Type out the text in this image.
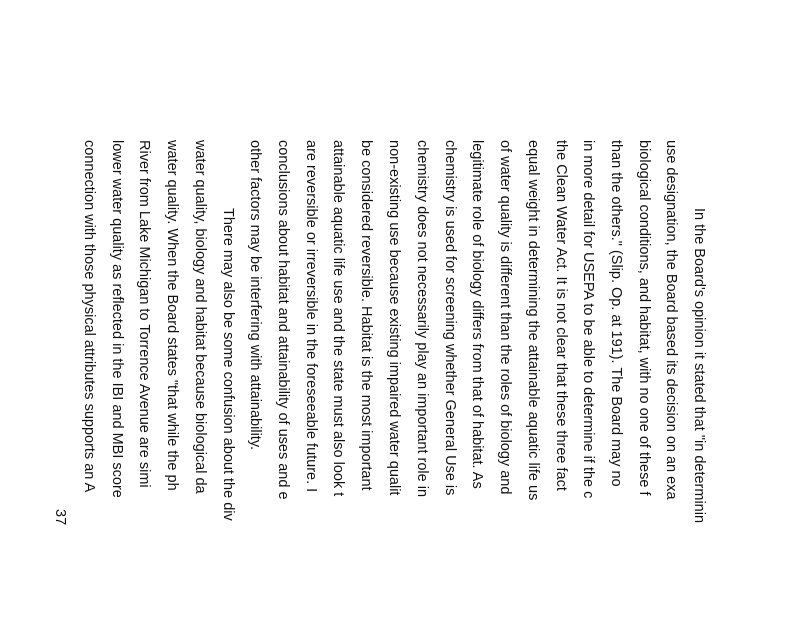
In the Board's opinion it stated that "in determinin
use designation, the Board based its decision on an exa
biological conditions, and habitat, with no one of these f
than the others." (Slip. Op. at 191). The Board may no
in more detail for USEPA to be able to determine if the c
the Clean Water Act. It is not clear that these three fact
equal weight in determining the attainable aquatic life us
of water quality is different than the roles of biology and
legitimate role of biology differs from that of habitat. As
chemistry is used for screening whether General Use is
chemistry does not necessarily play an important role in
non-existing use because existing impaired water qualit
be considered reversible. Habitat is the most important
attainable aquatic life use and the state must also look t
are reversible or irreversible in the foreseeable future. I
conclusions about habitat and attainability of uses and e
other factors may be interfering with attainability.
There may also be some confusion about the div
water quality, biology and habitat because biological da
water quality. When the Board states "that while the ph
River from Lake Michigan to Torrence Avenue are simi
lower water quality as reflected in the IBI and MBI score
connection with those physical attributes supports an A
37
